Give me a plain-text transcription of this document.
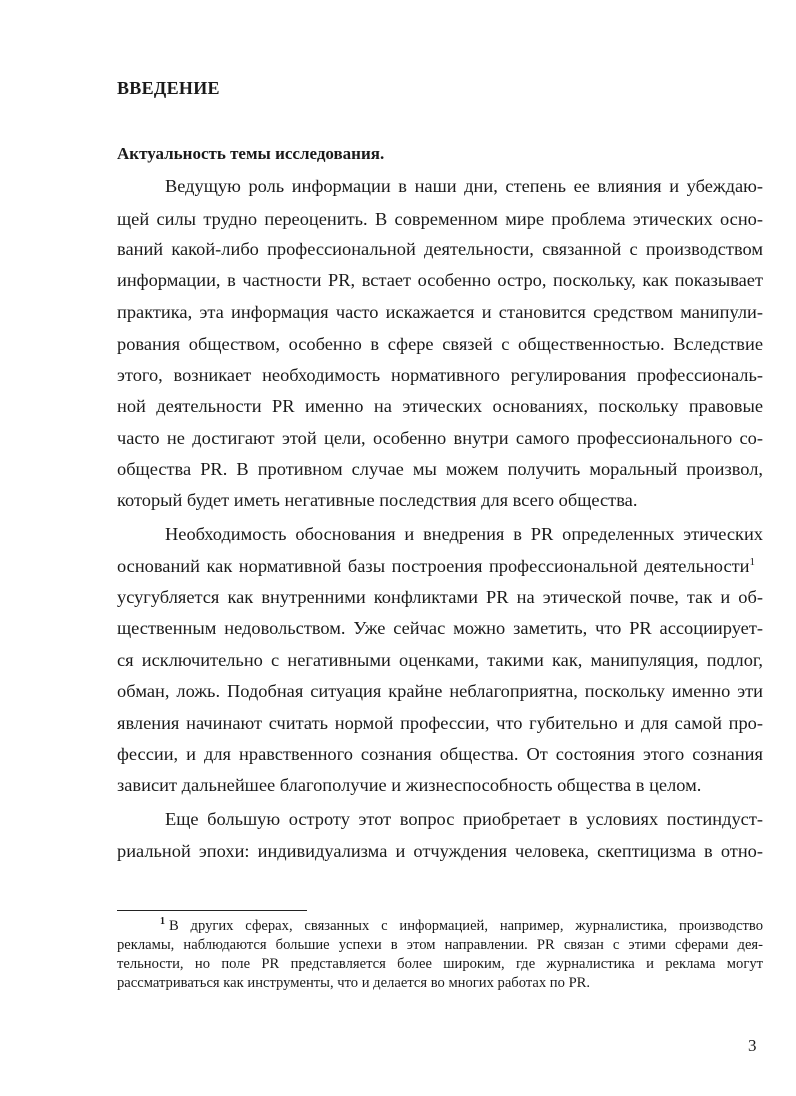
ВВЕДЕНИЕ
Актуальность темы исследования.

Ведущую роль информации в наши дни, степень ее влияния и убеждаю-

щей силы трудно переоценить. В современном мире проблема этических осно-

ваний какой-либо профессиональной деятельности, связанной с производством

информации, в частности PR, встает особенно остро, поскольку, как показывает

практика, эта информация часто искажается и становится средством манипули-

рования обществом, особенно в сфере связей с общественностью. Вследствие

этого, возникает необходимость нормативного регулирования профессиональ-

ной деятельности PR именно на этических основаниях, поскольку правовые

часто не достигают этой цели, особенно внутри самого профессионального со-

общества PR. В противном случае мы можем получить моральный произвол,

который будет иметь негативные последствия для всего общества.

Необходимость обоснования и внедрения в PR определенных этических

оснований как нормативной базы построения профессиональной деятельности$^1$

усугубляется как внутренними конфликтами PR на этической почве, так и об-

щественным недовольством. Уже сейчас можно заметить, что PR ассоциирует-

ся исключительно с негативными оценками, такими как, манипуляция, подлог,

обман, ложь. Подобная ситуация крайне неблагоприятна, поскольку именно эти

явления начинают считать нормой профессии, что губительно и для самой про-

фессии, и для нравственного сознания общества. От состояния этого сознания

зависит дальнейшее благополучие и жизнеспособность общества в целом.

Еще большую остроту этот вопрос приобретает в условиях постиндуст-

риальной эпохи: индивидуализма и отчуждения человека, скептицизма в отно-

$^1$ В других сферах, связанных с информацией, например, журналистика, производство

рекламы, наблюдаются большие успехи в этом направлении. PR связан с этими сферами дея-

тельности, но поле PR представляется более широким, где журналистика и реклама могут

рассматриваться как инструменты, что и делается во многих работах по PR.

3
